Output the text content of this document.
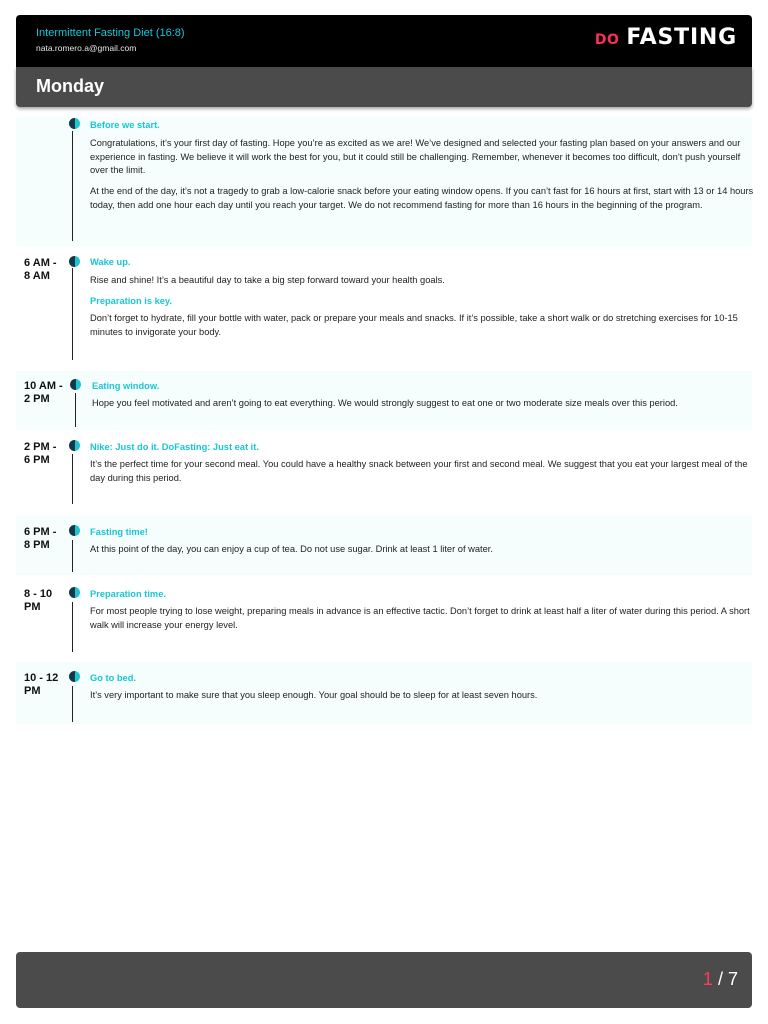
Intermittent Fasting Diet (16:8)
nata.romero.a@gmail.com	DO FASTING
Monday
Before we start.
Congratulations, it’s your first day of fasting. Hope you’re as excited as we are! We’ve designed and selected your fasting plan based on your answers and our experience in fasting. We believe it will work the best for you, but it could still be challenging. Remember, whenever it becomes too difficult, don’t push yourself over the limit.
At the end of the day, it’s not a tragedy to grab a low-calorie snack before your eating window opens. If you can’t fast for 16 hours at first, start with 13 or 14 hours today, then add one hour each day until you reach your target. We do not recommend fasting for more than 16 hours in the beginning of the program.
6 AM -
8 AM
Wake up.
Rise and shine! It’s a beautiful day to take a big step forward toward your health goals.
Preparation is key.
Don’t forget to hydrate, fill your bottle with water, pack or prepare your meals and snacks. If it’s possible, take a short walk or do stretching exercises for 10-15 minutes to invigorate your body.
10 AM -
2 PM
Eating window.
Hope you feel motivated and aren’t going to eat everything. We would strongly suggest to eat one or two moderate size meals over this period.
2 PM -
6 PM
Nike: Just do it. DoFasting: Just eat it.
It’s the perfect time for your second meal. You could have a healthy snack between your first and second meal. We suggest that you eat your largest meal of the day during this period.
6 PM -
8 PM
Fasting time!
At this point of the day, you can enjoy a cup of tea. Do not use sugar. Drink at least 1 liter of water.
8 - 10
PM
Preparation time.
For most people trying to lose weight, preparing meals in advance is an effective tactic. Don’t forget to drink at least half a liter of water during this period. A short walk will increase your energy level.
10 - 12
PM
Go to bed.
It’s very important to make sure that you sleep enough. Your goal should be to sleep for at least seven hours.
1 / 7
